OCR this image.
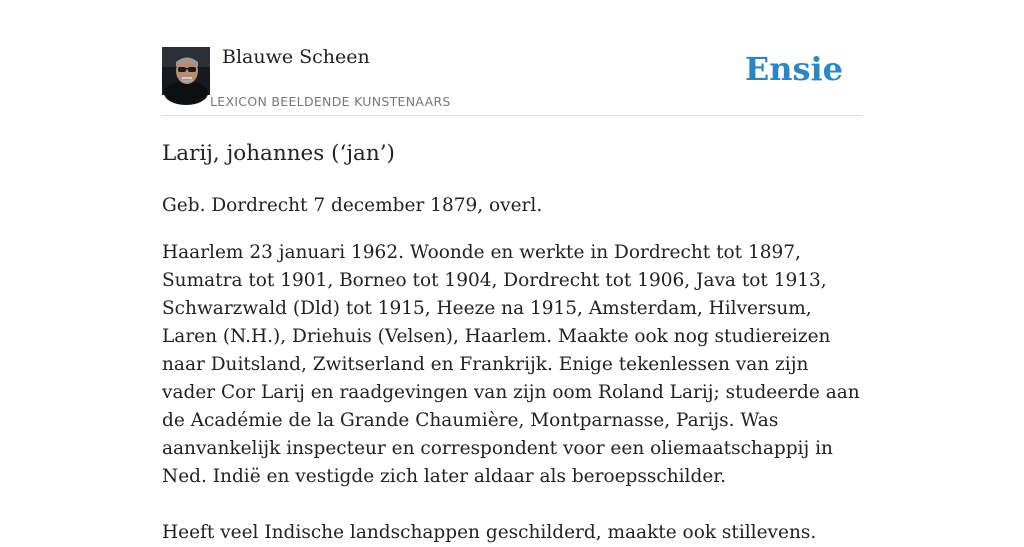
Blauwe Scheen
LEXICON BEELDENDE KUNSTENAARS
Ensie
Larij, johannes (‘jan’)

Geb. Dordrecht 7 december 1879, overl.

Haarlem 23 januari 1962. Woonde en werkte in Dordrecht tot 1897, Sumatra tot 1901, Borneo tot 1904, Dordrecht tot 1906, Java tot 1913, Schwarzwald (Dld) tot 1915, Heeze na 1915, Amsterdam, Hilversum, Laren (N.H.), Driehuis (Velsen), Haarlem. Maakte ook nog studiereizen naar Duitsland, Zwitserland en Frankrijk. Enige tekenlessen van zijn vader Cor Larij en raadgevingen van zijn oom Roland Larij; studeerde aan de Académie de la Grande Chaumière, Montparnasse, Parijs. Was aanvankelijk inspecteur en correspondent voor een oliemaatschappij in Ned. Indië en vestigde zich later aldaar als beroepsschilder.

Heeft veel Indische landschappen geschilderd, maakte ook stillevens.
